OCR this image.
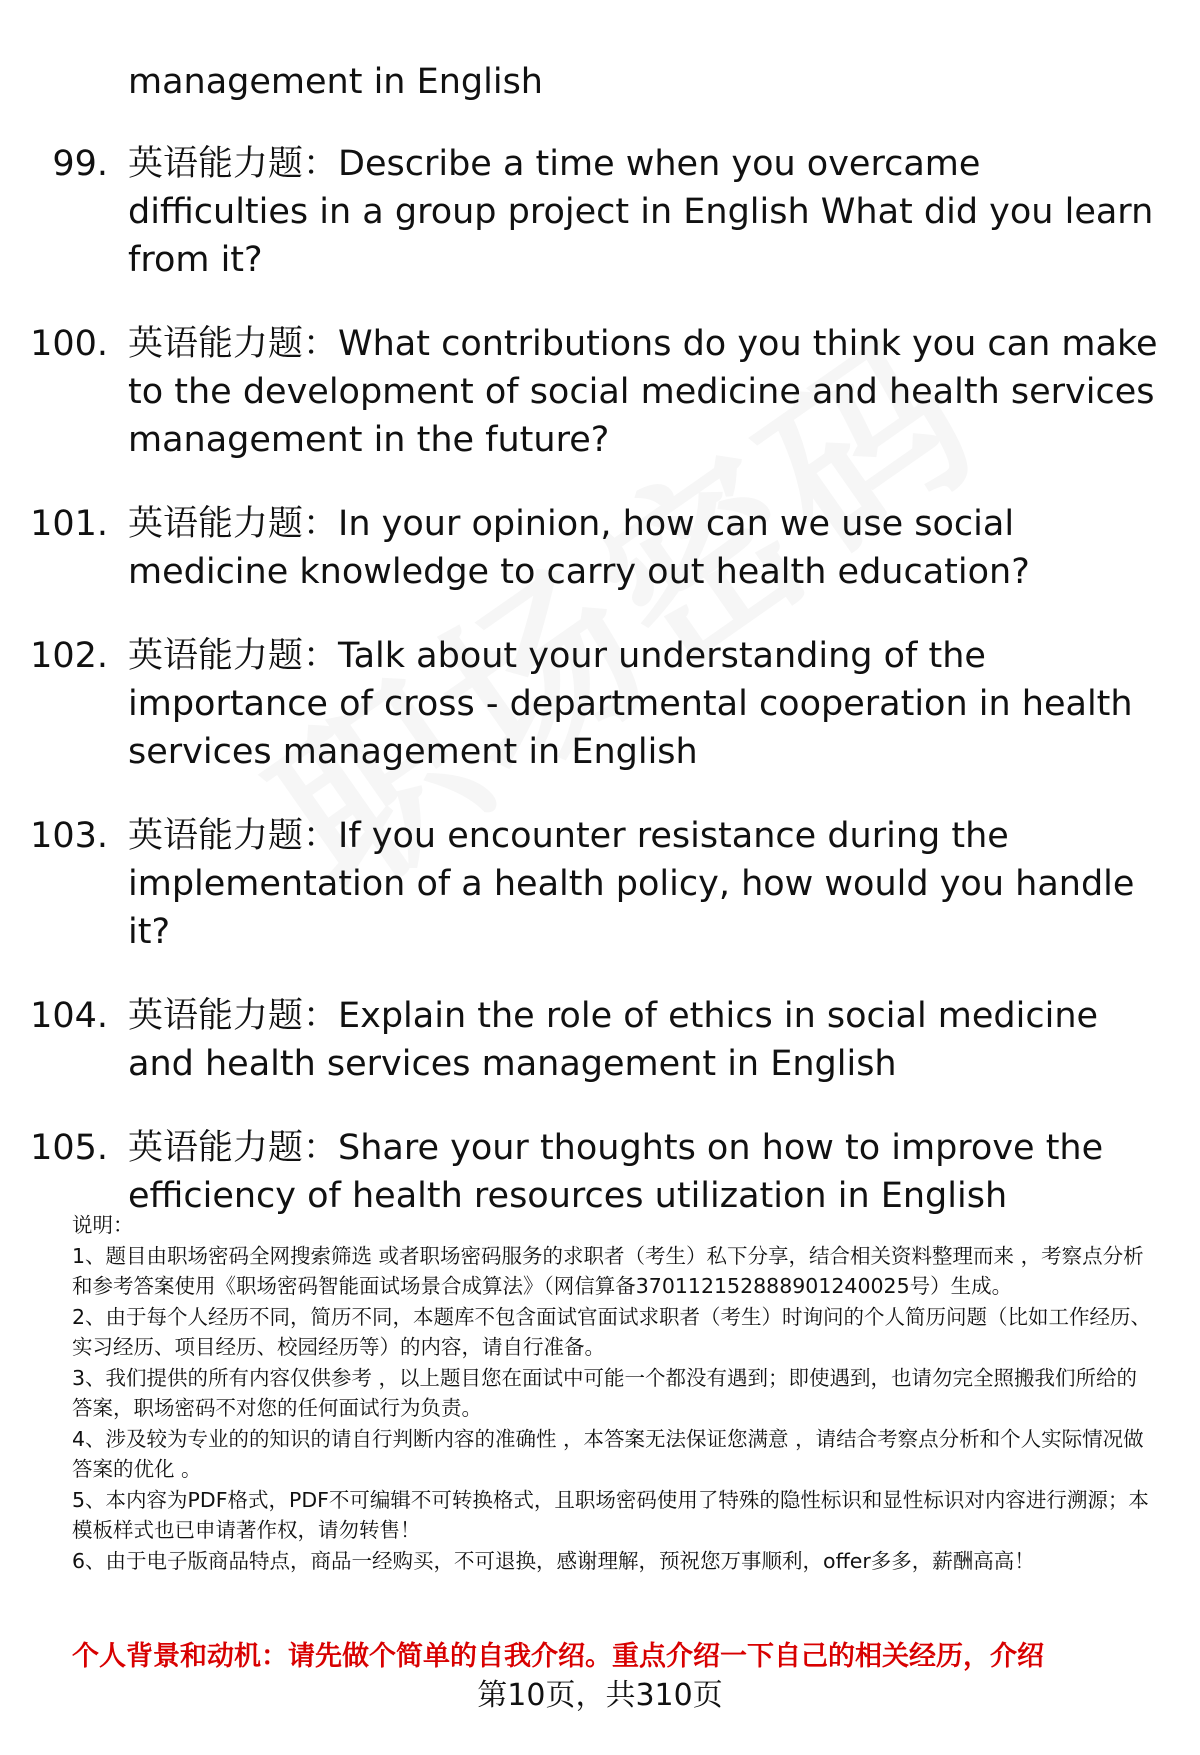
management in English
99. 英语能力题：Describe a time when you overcame difficulties in a group project in English What did you learn from it?
100. 英语能力题：What contributions do you think you can make to the development of social medicine and health services management in the future?
101. 英语能力题：In your opinion, how can we use social medicine knowledge to carry out health education?
102. 英语能力题：Talk about your understanding of the importance of cross - departmental cooperation in health services management in English
103. 英语能力题：If you encounter resistance during the implementation of a health policy, how would you handle it?
104. 英语能力题：Explain the role of ethics in social medicine and health services management in English
105. 英语能力题：Share your thoughts on how to improve the efficiency of health resources utilization in English

说明：

1、题目由职场密码全网搜索筛选 或者职场密码服务的求职者（考生）私下分享，结合相关资料整理而来 ，考察点分析和参考答案使用《职场密码智能面试场景合成算法》（网信算备370112152888901240025号）生成。

2、由于每个人经历不同，简历不同，本题库不包含面试官面试求职者（考生）时询问的个人简历问题（比如工作经历、实习经历、项目经历、校园经历等）的内容，请自行准备。

3、我们提供的所有内容仅供参考 ，以上题目您在面试中可能一个都没有遇到；即使遇到，也请勿完全照搬我们所给的答案，职场密码不对您的任何面试行为负责。

4、涉及较为专业的的知识的请自行判断内容的准确性 ，本答案无法保证您满意 ，请结合考察点分析和个人实际情况做答案的优化 。

5、本内容为PDF格式，PDF不可编辑不可转换格式，且职场密码使用了特殊的隐性标识和显性标识对内容进行溯源；本模板样式也已申请著作权，请勿转售！

6、由于电子版商品特点，商品一经购买，不可退换，感谢理解，预祝您万事顺利，offer多多，薪酬高高！

个人背景和动机：请先做个简单的自我介绍。重点介绍一下自己的相关经历，介绍
第10页，共310页
